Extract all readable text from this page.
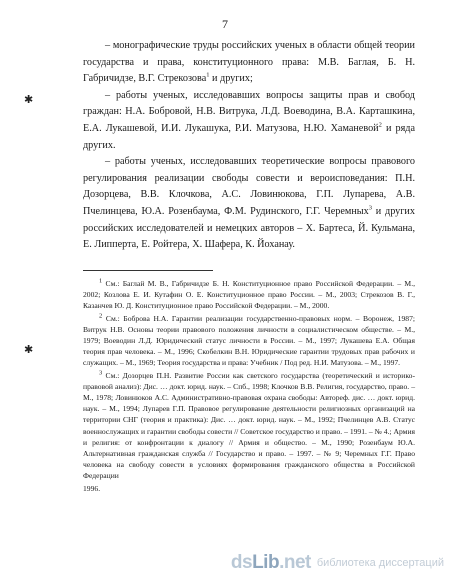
7
✱
✱

– монографические труды российских ученых в области общей теории государства и права, конституционного права: М.В. Баглая, Б. Н. Габричидзе, В.Г. Стрекозова$^1$ и других;

– работы ученых, исследовавших вопросы защиты прав и свобод граждан: Н.А. Бобровой, Н.В. Витрука, Л.Д. Воеводина, В.А. Карташкина, Е.А. Лукашевой, И.И. Лукашука, Р.И. Матузова, Н.Ю. Хаманевой$^2$ и ряда других.

– работы ученых, исследовавших теоретические вопросы правового регулирования реализации свободы совести и вероисповедания: П.Н. Дозорцева, В.В. Клочкова, А.С. Ловинюкова, Г.П. Лупарева, А.В. Пчелинцева, Ю.А. Розенбаума, Ф.М. Рудинского, Г.Г. Черемных$^3$ и других российских исследователей и немецких авторов – Х. Бартеса, Й. Кульмана, Е. Липперта, Е. Ройтера, Х. Шафера, К. Йоханау.

$^1$ См.: Баглай М. В., Габричидзе Б. Н. Конституционное право Российской Федерации. – М., 2002; Козлова Е. И. Кутафин О. Е. Конституционное право России. – М., 2003; Стрекозов В. Г., Казанчев Ю. Д. Конституционное право Российской Федерации. – М., 2000.

$^2$ См.: Боброва Н.А. Гарантии реализации государственно-правовых норм. – Воронеж, 1987; Витрук Н.В. Основы теории правового положения личности в социалистическом обществе. – М., 1979; Воеводин Л.Д. Юридический статус личности в России. – М., 1997; Лукашева Е.А. Общая теория прав человека. – М., 1996; Скобелкин В.Н. Юридические гарантии трудовых прав рабочих и служащих. – М., 1969; Теория государства и права: Учебник / Под ред. Н.И. Матузова. – М., 1997.

$^3$ См.: Дозорцев П.Н. Развитие России как светского государства (теоретический и историко-правовой анализ): Дис. … докт. юрид. наук. – Спб., 1998; Клочков В.В. Религия, государство, право. – М., 1978; Ловинюков А.С. Административно-правовая охрана свободы: Автореф. дис. … докт. юрид. наук. – М., 1994; Лупарев Г.П. Правовое регулирование деятельности религиозных организаций на территории СНГ (теория и практика): Дис. … докт. юрид. наук. – М., 1992; Пчелинцев А.В. Статус военнослужащих и гарантии свободы совести // Советское государство и право. – 1991. – № 4.; Армия и религия: от конфронтации к диалогу // Армия и общество. – М., 1990; Розенбаум Ю.А. Альтернативная гражданская служба // Государство и право. – 1997. – № 9; Черемных Г.Г. Право человека на свободу совести в условиях формирования гражданского общества в Российской Федерации

1996.
dsLib.net библиотека диссертаций
